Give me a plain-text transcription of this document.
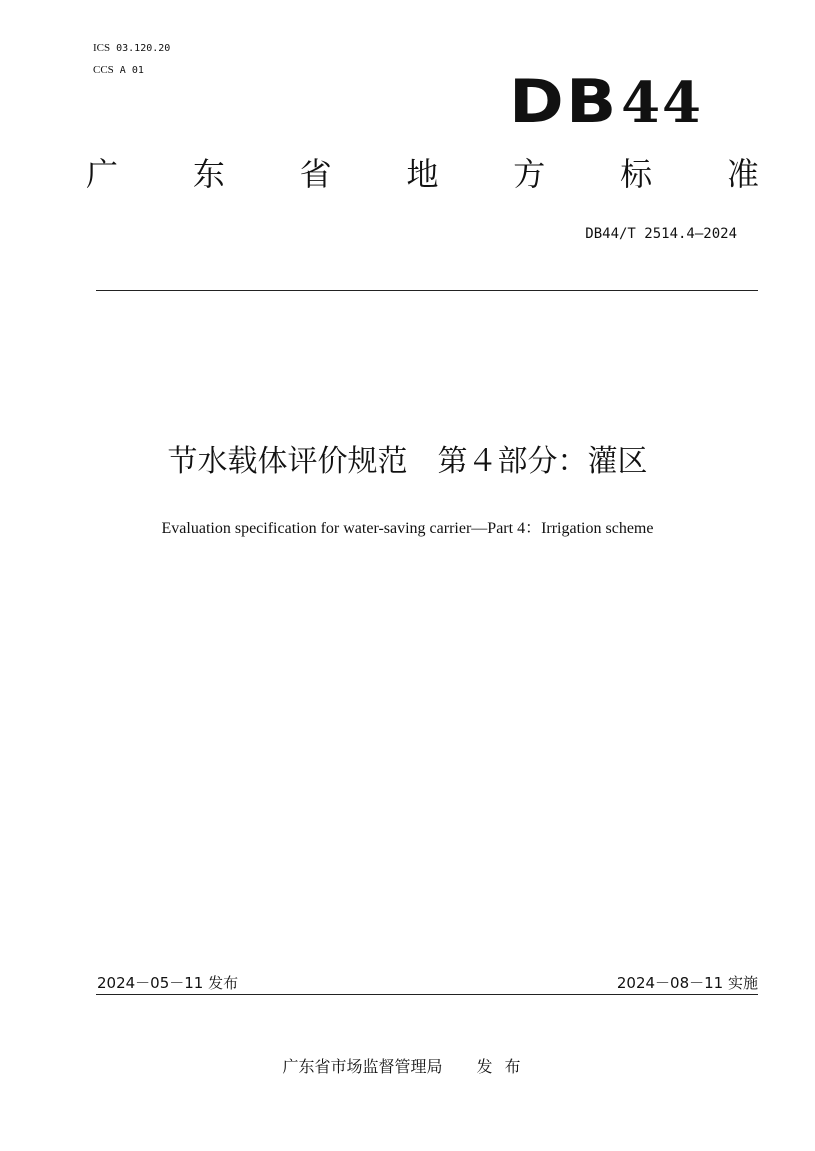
ICS 03.120.20
CCS A 01	DB44
广 东 省 地 方 标 准
DB44/T 2514.4—2024
节水载体评价规范　第４部分：灌区
Evaluation specification for water-saving carrier—Part 4：Irrigation scheme
2024－05－11 发布	2024－08－11 实施
广东省市场监督管理局 发布
